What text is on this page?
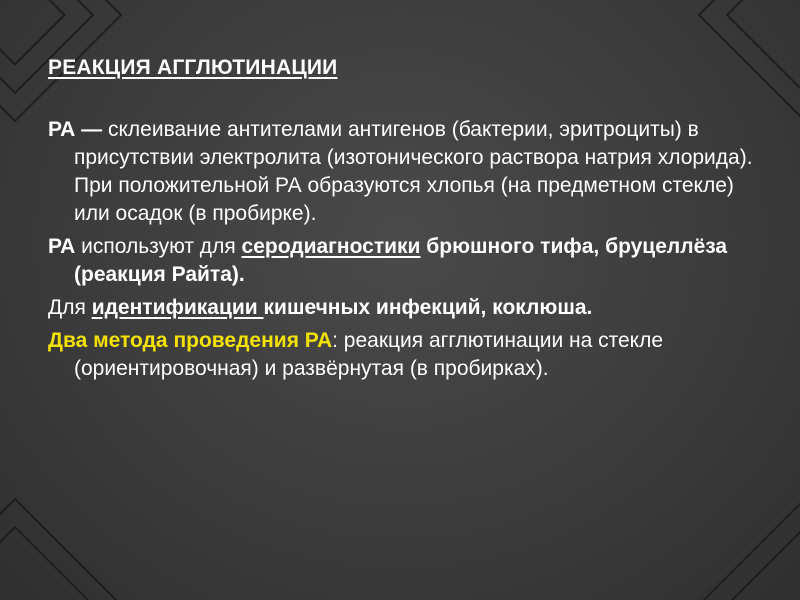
РЕАКЦИЯ АГГЛЮТИНАЦИИ
РА — склеивание антителами антигенов (бактерии, эритроциты) в присутствии электролита (изотонического раствора натрия хлорида). При положительной РА образуются хлопья (на предметном стекле) или осадок (в пробирке).
РА используют для серодиагностики брюшного тифа, бруцеллёза (реакция Райта).
Для идентификации кишечных инфекций, коклюша.
Два метода проведения РА: реакция агглютинации на стекле (ориентировочная) и развёрнутая (в пробирках).
